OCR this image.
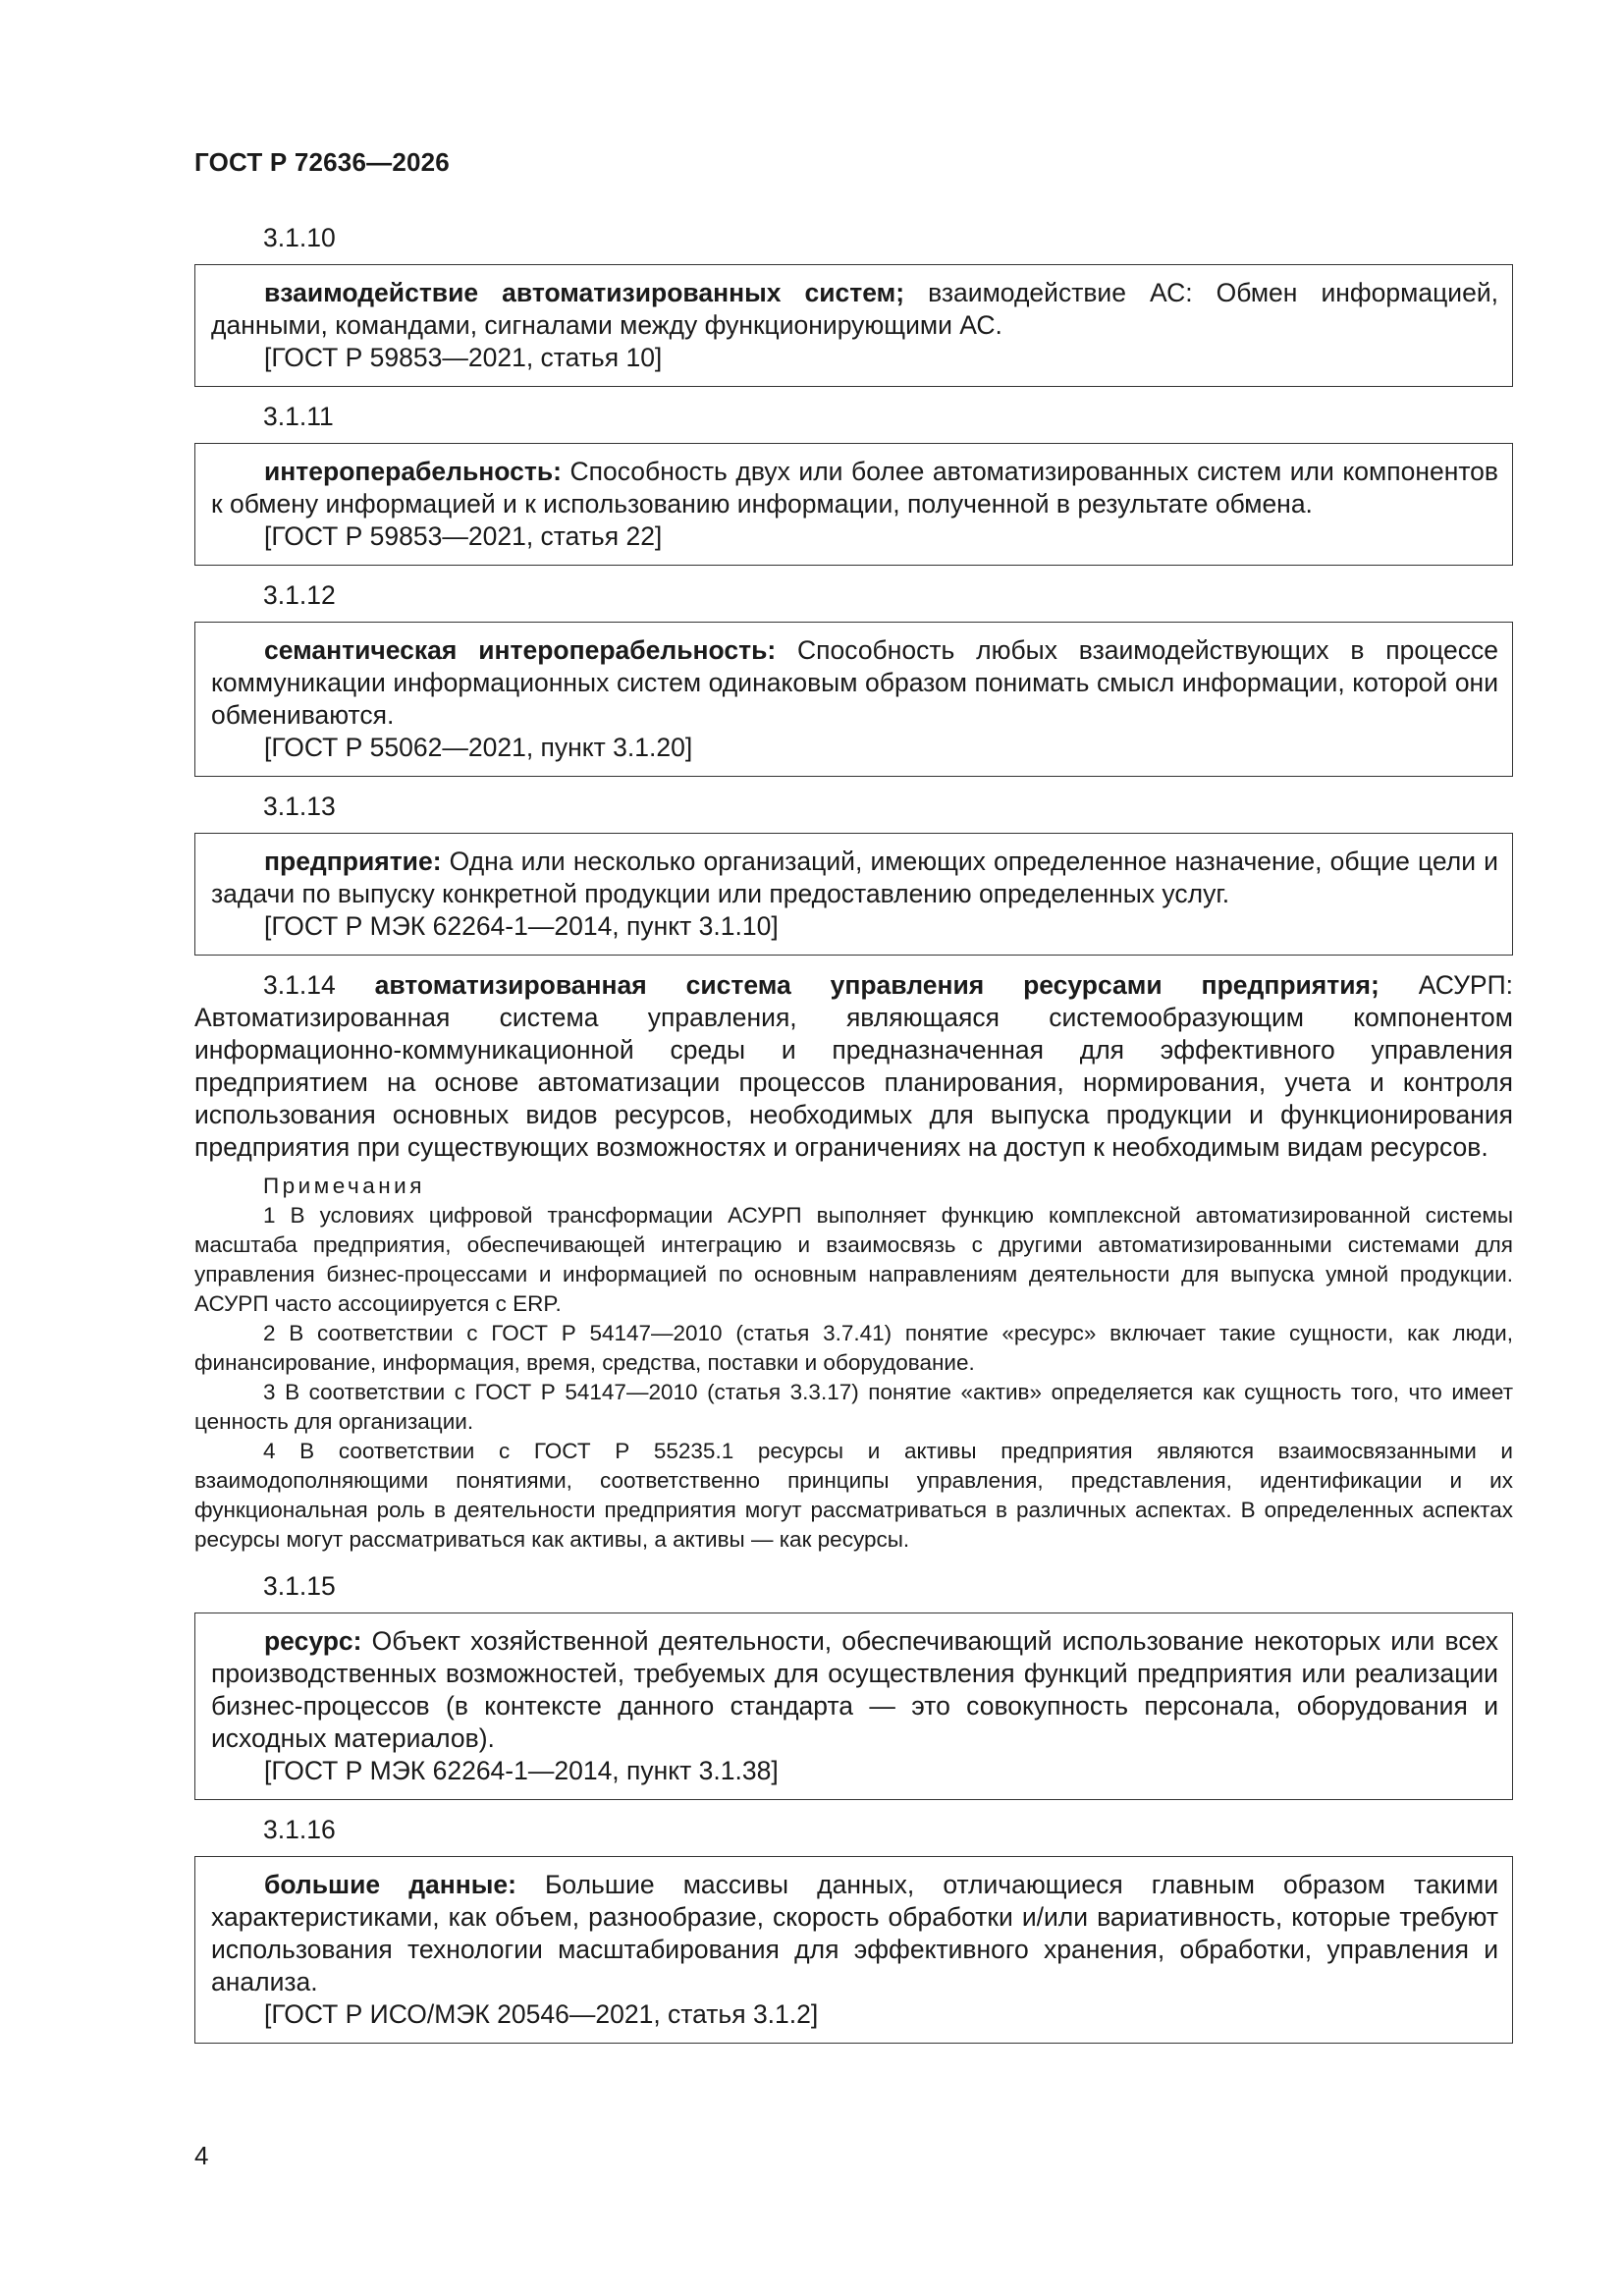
ГОСТ Р 72636—2026
3.1.10

взаимодействие автоматизированных систем; взаимодействие АС: Обмен информацией, данными, командами, сигналами между функционирующими АС.

[ГОСТ Р 59853—2021, статья 10]

3.1.11

интероперабельность: Способность двух или более автоматизированных систем или компонентов к обмену информацией и к использованию информации, полученной в результате обмена.

[ГОСТ Р 59853—2021, статья 22]

3.1.12

семантическая интероперабельность: Способность любых взаимодействующих в процессе коммуникации информационных систем одинаковым образом понимать смысл информации, которой они обмениваются.

[ГОСТ Р 55062—2021, пункт 3.1.20]

3.1.13

предприятие: Одна или несколько организаций, имеющих определенное назначение, общие цели и задачи по выпуску конкретной продукции или предоставлению определенных услуг.

[ГОСТ Р МЭК 62264-1—2014, пункт 3.1.10]

3.1.14 автоматизированная система управления ресурсами предприятия; АСУРП: Автоматизированная система управления, являющаяся системообразующим компонентом информационно-коммуникационной среды и предназначенная для эффективного управления предприятием на основе автоматизации процессов планирования, нормирования, учета и контроля использования основных видов ресурсов, необходимых для выпуска продукции и функционирования предприятия при существующих возможностях и ограничениях на доступ к необходимым видам ресурсов.

Примечания

1 В условиях цифровой трансформации АСУРП выполняет функцию комплексной автоматизированной системы масштаба предприятия, обеспечивающей интеграцию и взаимосвязь с другими автоматизированными системами для управления бизнес-процессами и информацией по основным направлениям деятельности для выпуска умной продукции. АСУРП часто ассоциируется с ERP.

2 В соответствии с ГОСТ Р 54147—2010 (статья 3.7.41) понятие «ресурс» включает такие сущности, как люди, финансирование, информация, время, средства, поставки и оборудование.

3 В соответствии с ГОСТ Р 54147—2010 (статья 3.3.17) понятие «актив» определяется как сущность того, что имеет ценность для организации.

4 В соответствии с ГОСТ Р 55235.1 ресурсы и активы предприятия являются взаимосвязанными и взаимодополняющими понятиями, соответственно принципы управления, представления, идентификации и их функциональная роль в деятельности предприятия могут рассматриваться в различных аспектах. В определенных аспектах ресурсы могут рассматриваться как активы, а активы — как ресурсы.

3.1.15

ресурс: Объект хозяйственной деятельности, обеспечивающий использование некоторых или всех производственных возможностей, требуемых для осуществления функций предприятия или реализации бизнес-процессов (в контексте данного стандарта — это совокупность персонала, оборудования и исходных материалов).

[ГОСТ Р МЭК 62264-1—2014, пункт 3.1.38]

3.1.16

большие данные: Большие массивы данных, отличающиеся главным образом такими характеристиками, как объем, разнообразие, скорость обработки и/или вариативность, которые требуют использования технологии масштабирования для эффективного хранения, обработки, управления и анализа.

[ГОСТ Р ИСО/МЭК 20546—2021, статья 3.1.2]

4
